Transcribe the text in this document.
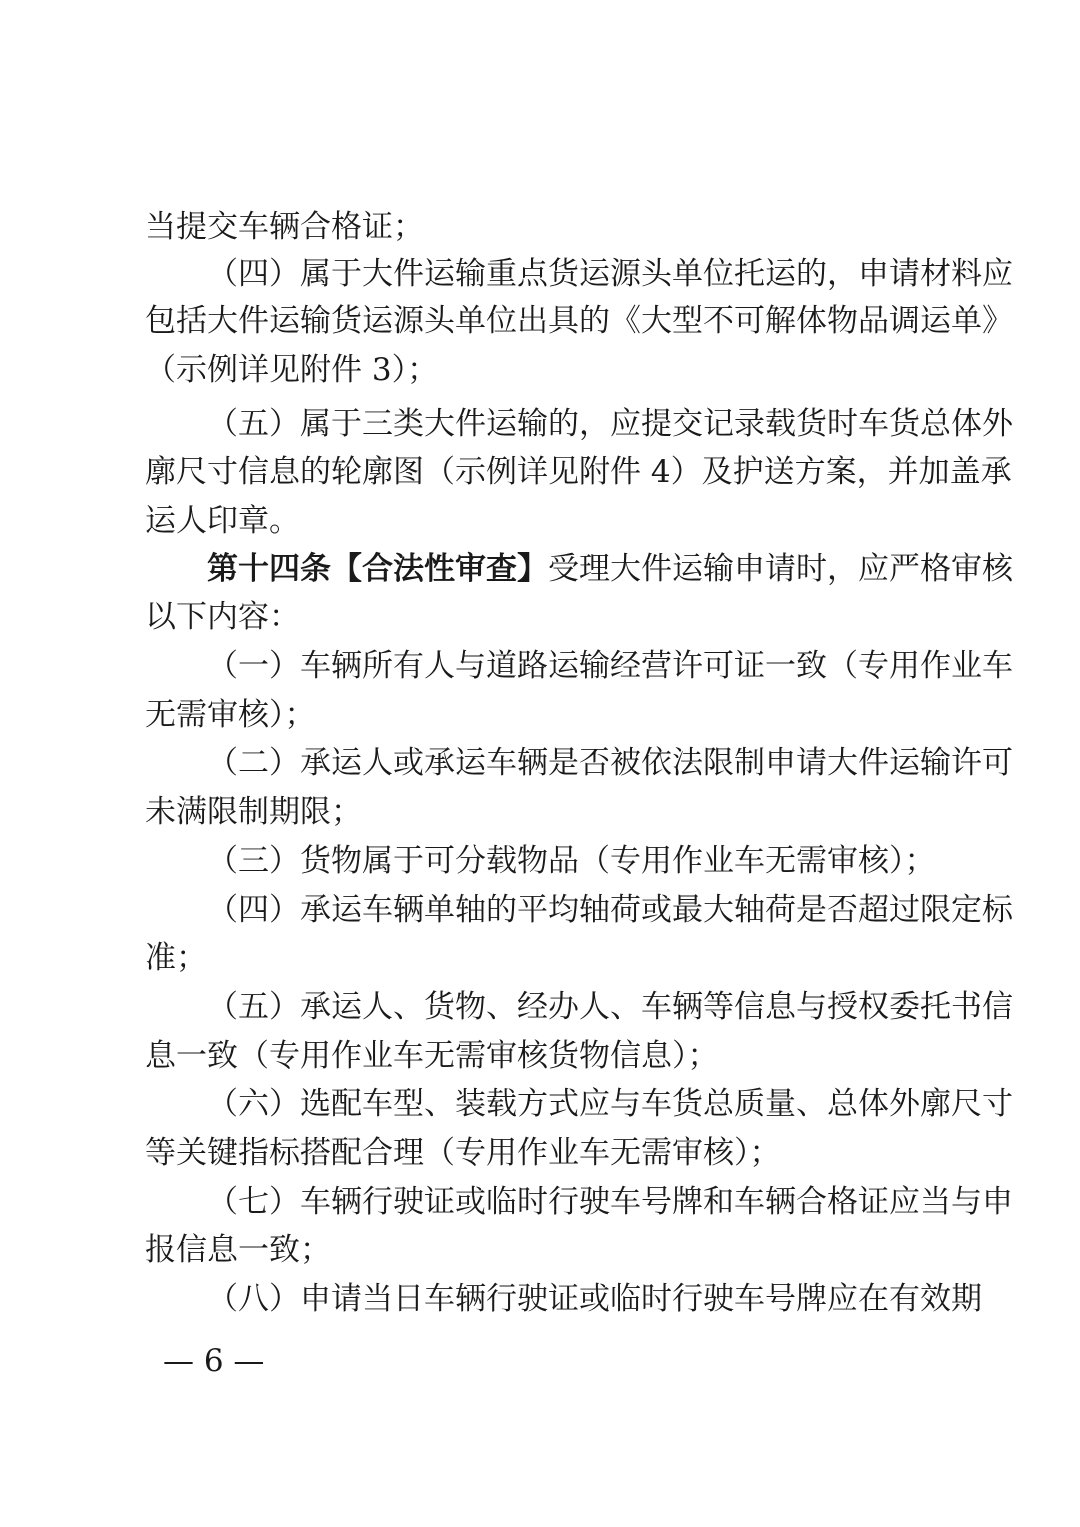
当提交车辆合格证；
（四）属于大件运输重点货运源头单位托运的，申请材料应
包括大件运输货运源头单位出具的《大型不可解体物品调运单》
（示例详见附件 3）；
（五）属于三类大件运输的，应提交记录载货时车货总体外
廓尺寸信息的轮廓图（示例详见附件 4）及护送方案，并加盖承
运人印章。
第十四条【合法性审查】受理大件运输申请时，应严格审核
以下内容：
（一）车辆所有人与道路运输经营许可证一致（专用作业车
无需审核）；
（二）承运人或承运车辆是否被依法限制申请大件运输许可
未满限制期限；
（三）货物属于可分载物品（专用作业车无需审核）；
（四）承运车辆单轴的平均轴荷或最大轴荷是否超过限定标
准；
（五）承运人、货物、经办人、车辆等信息与授权委托书信
息一致（专用作业车无需审核货物信息）；
（六）选配车型、装载方式应与车货总质量、总体外廓尺寸
等关键指标搭配合理（专用作业车无需审核）；
（七）车辆行驶证或临时行驶车号牌和车辆合格证应当与申
报信息一致；
（八）申请当日车辆行驶证或临时行驶车号牌应在有效期
— 6 —
